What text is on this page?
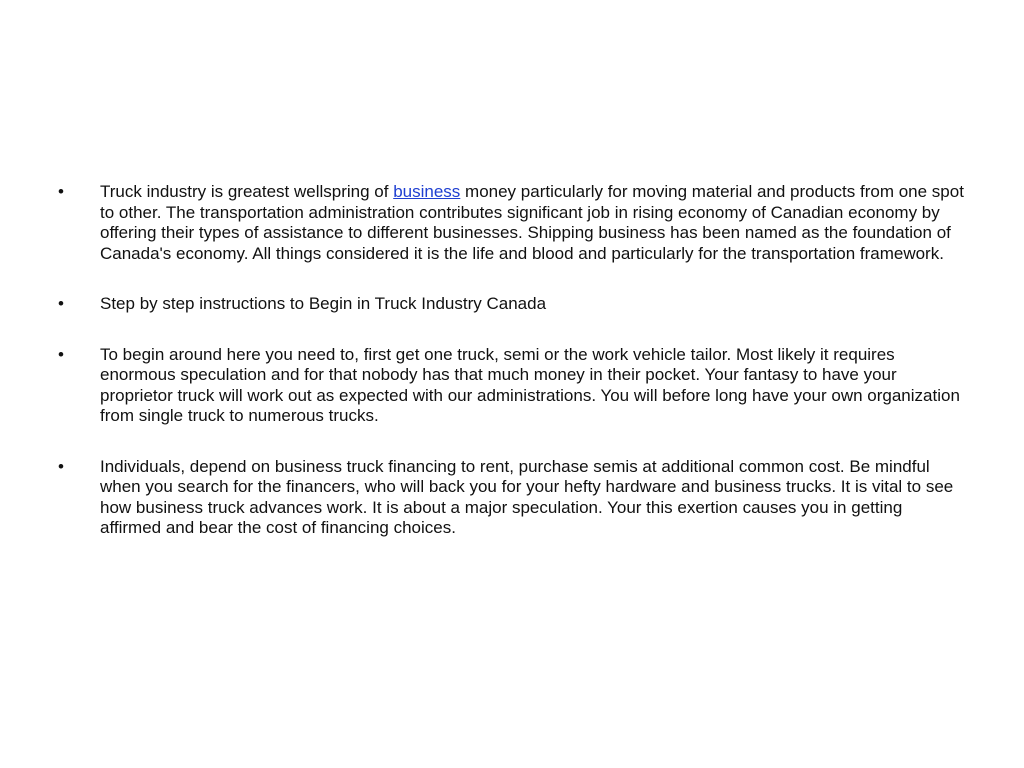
•	Truck industry is greatest wellspring of business money particularly for moving material and products from one spot to other. The transportation administration contributes significant job in rising economy of Canadian economy by offering their types of assistance to different businesses. Shipping business has been named as the foundation of Canada's economy. All things considered it is the life and blood and particularly for the transportation framework.
•	Step by step instructions to Begin in Truck Industry Canada
•	To begin around here you need to, first get one truck, semi or the work vehicle tailor. Most likely it requires enormous speculation and for that nobody has that much money in their pocket. Your fantasy to have your proprietor truck will work out as expected with our administrations. You will before long have your own organization from single truck to numerous trucks.
•	Individuals, depend on business truck financing to rent, purchase semis at additional common cost. Be mindful when you search for the financers, who will back you for your hefty hardware and business trucks. It is vital to see how business truck advances work. It is about a major speculation. Your this exertion causes you in getting affirmed and bear the cost of financing choices.
